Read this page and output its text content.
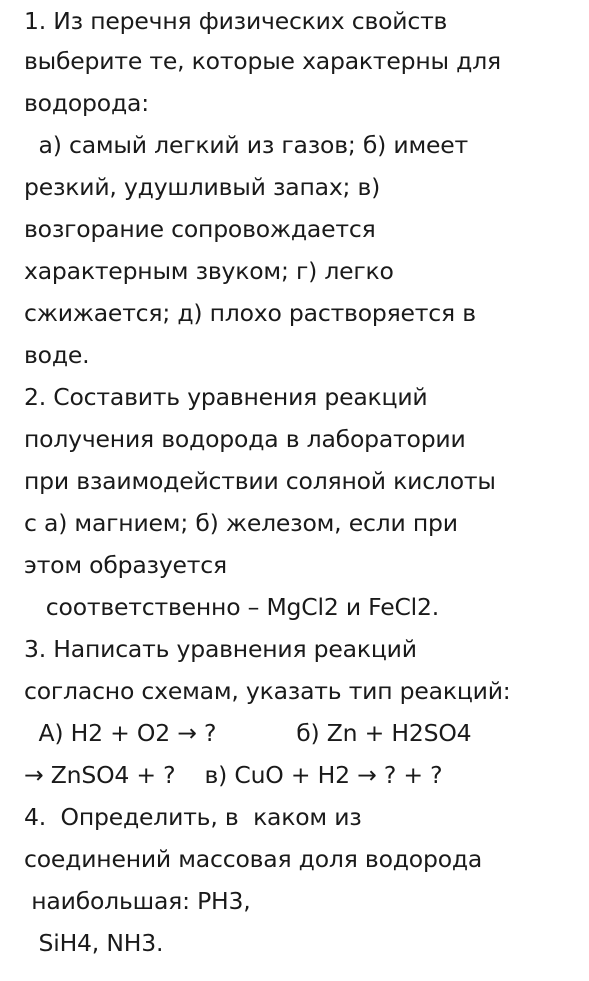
1. Из перечня физических свойств
выберите те, которые характерны для
водорода:
а) самый легкий из газов; б) имеет
резкий, удушливый запах; в)
возгорание сопровождается
характерным звуком; г) легко
сжижается; д) плохо растворяется в
воде.
2. Составить уравнения реакций
получения водорода в лаборатории
при взаимодействии соляной кислоты
с а) магнием; б) железом, если при
этом образуется
соответственно – MgCl2 и FeCl2.
3. Написать уравнения реакций
согласно схемам, указать тип реакций:
А) H2 + O2 → ?           б) Zn + H2SO4
→ ZnSO4 + ?    в) CuO + H2 → ? + ?
4.  Определить, в  каком из
соединений массовая доля водорода
наибольшая: PH3,
SiH4, NH3.
